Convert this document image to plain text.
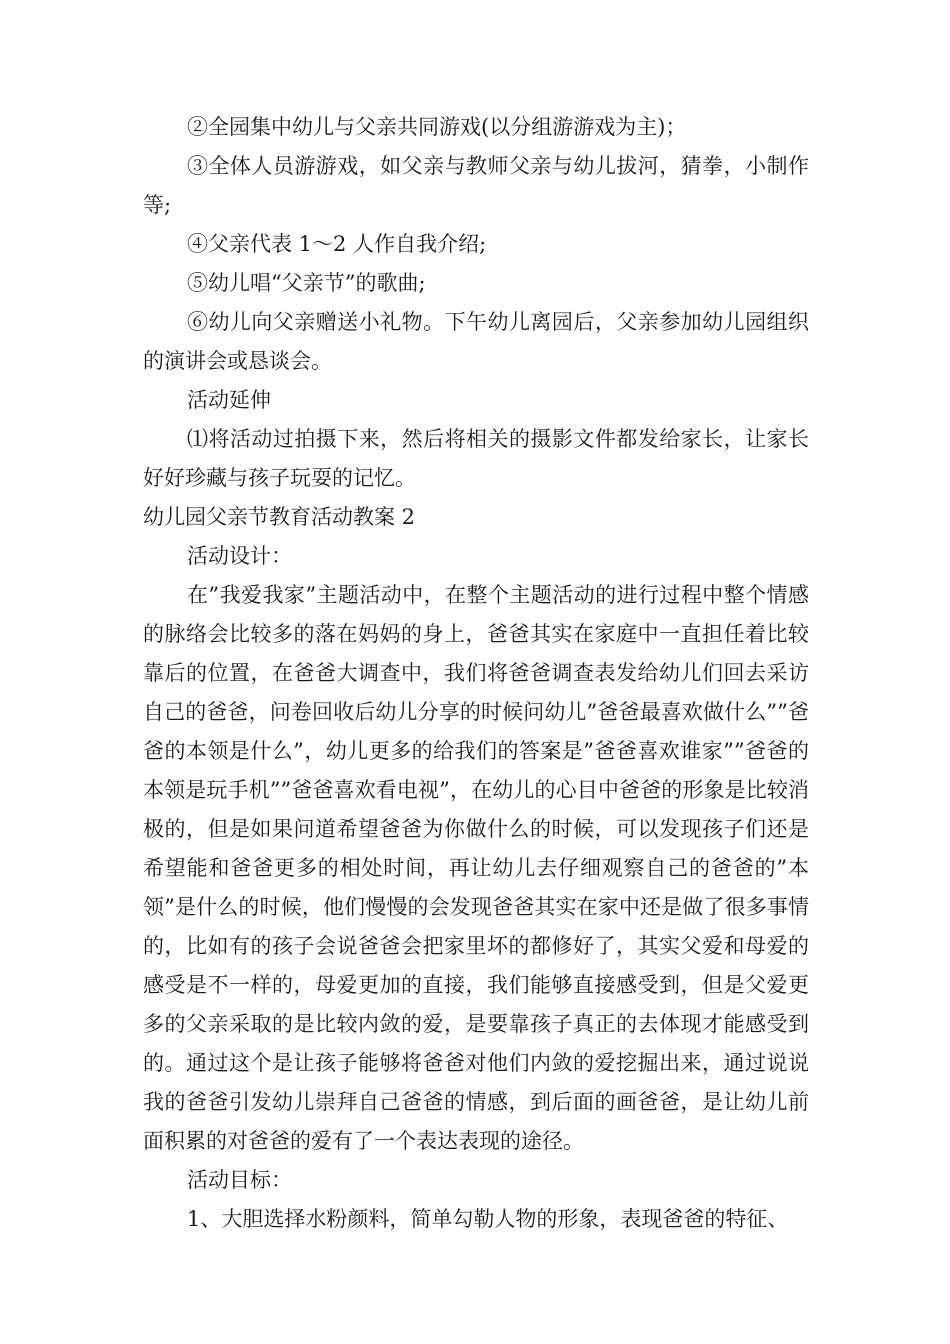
②全园集中幼儿与父亲共同游戏(以分组游游戏为主)；

③全体人员游游戏，如父亲与教师父亲与幼儿拔河，猜拳，小制作等;

④父亲代表 1～2 人作自我介绍;

⑤幼儿唱“父亲节”的歌曲;

⑥幼儿向父亲赠送小礼物。下午幼儿离园后，父亲参加幼儿园组织的演讲会或恳谈会。

活动延伸

⑴将活动过拍摄下来，然后将相关的摄影文件都发给家长，让家长好好珍藏与孩子玩耍的记忆。

幼儿园父亲节教育活动教案 2

活动设计：

在”我爱我家”主题活动中，在整个主题活动的进行过程中整个情感的脉络会比较多的落在妈妈的身上，爸爸其实在家庭中一直担任着比较靠后的位置，在爸爸大调查中，我们将爸爸调查表发给幼儿们回去采访自己的爸爸，问卷回收后幼儿分享的时候问幼儿”爸爸最喜欢做什么””爸爸的本领是什么”，幼儿更多的给我们的答案是”爸爸喜欢谁家””爸爸的本领是玩手机””爸爸喜欢看电视”，在幼儿的心目中爸爸的形象是比较消极的，但是如果问道希望爸爸为你做什么的时候，可以发现孩子们还是希望能和爸爸更多的相处时间，再让幼儿去仔细观察自己的爸爸的”本领”是什么的时候，他们慢慢的会发现爸爸其实在家中还是做了很多事情的，比如有的孩子会说爸爸会把家里坏的都修好了，其实父爱和母爱的感受是不一样的，母爱更加的直接，我们能够直接感受到，但是父爱更多的父亲采取的是比较内敛的爱，是要靠孩子真正的去体现才能感受到的。通过这个是让孩子能够将爸爸对他们内敛的爱挖掘出来，通过说说我的爸爸引发幼儿崇拜自己爸爸的情感，到后面的画爸爸，是让幼儿前面积累的对爸爸的爱有了一个表达表现的途径。

活动目标：

1、大胆选择水粉颜料，简单勾勒人物的形象，表现爸爸的特征、
